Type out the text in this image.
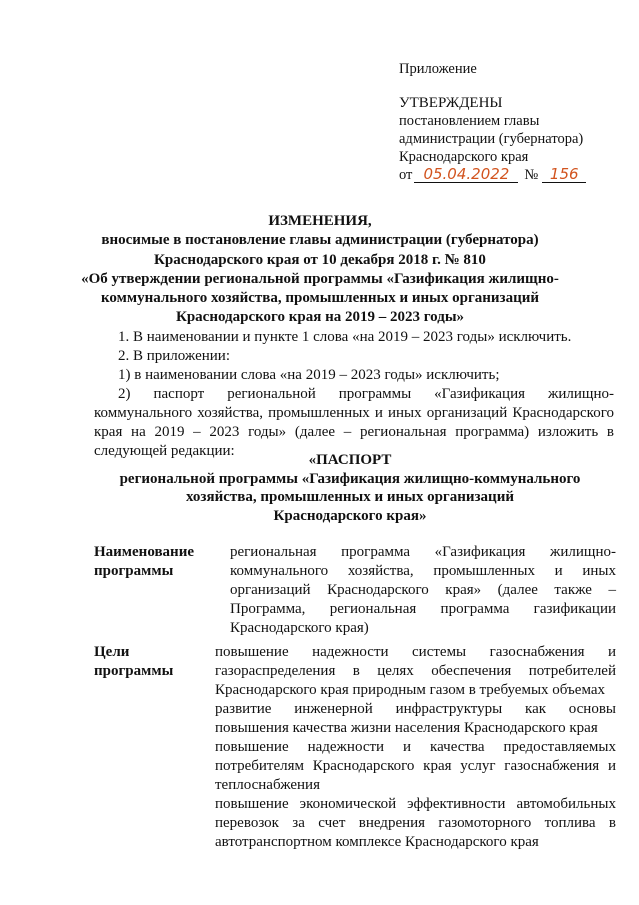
Приложение
УТВЕРЖДЕНЫ
постановлением главы
администрации (губернатора)
Краснодарского края
от 05.04.2022	№ 156
ИЗМЕНЕНИЯ,
вносимые в постановление главы администрации (губернатора)
Краснодарского края от 10 декабря 2018 г. № 810
«Об утверждении региональной программы «Газификация жилищно-
коммунального хозяйства, промышленных и иных организаций
Краснодарского края на 2019 – 2023 годы»
1. В наименовании и пункте 1 слова «на 2019 – 2023 годы» исключить.
2. В приложении:
1) в наименовании слова «на 2019 – 2023 годы» исключить;
2) паспорт региональной программы «Газификация жилищно-
коммунального хозяйства, промышленных и иных организаций Краснодарского
края на 2019 – 2023 годы» (далее – региональная программа) изложить в
следующей редакции:
«ПАСПОРТ
региональной программы «Газификация жилищно-коммунального
хозяйства, промышленных и иных организаций
Краснодарского края»
Наименование
программы
региональная программа «Газификация жилищно-
коммунального хозяйства, промышленных и иных
организаций Краснодарского края» (далее также –
Программа, региональная программа газификации
Краснодарского края)
Цели
программы
повышение надежности системы газоснабжения и
газораспределения в целях обеспечения потребителей
Краснодарского края природным газом в требуемых объемах
развитие инженерной инфраструктуры как основы
повышения качества жизни населения Краснодарского края
повышение надежности и качества предоставляемых
потребителям Краснодарского края услуг газоснабжения и
теплоснабжения
повышение экономической эффективности автомобильных
перевозок за счет внедрения газомоторного топлива в
автотранспортном комплексе Краснодарского края
